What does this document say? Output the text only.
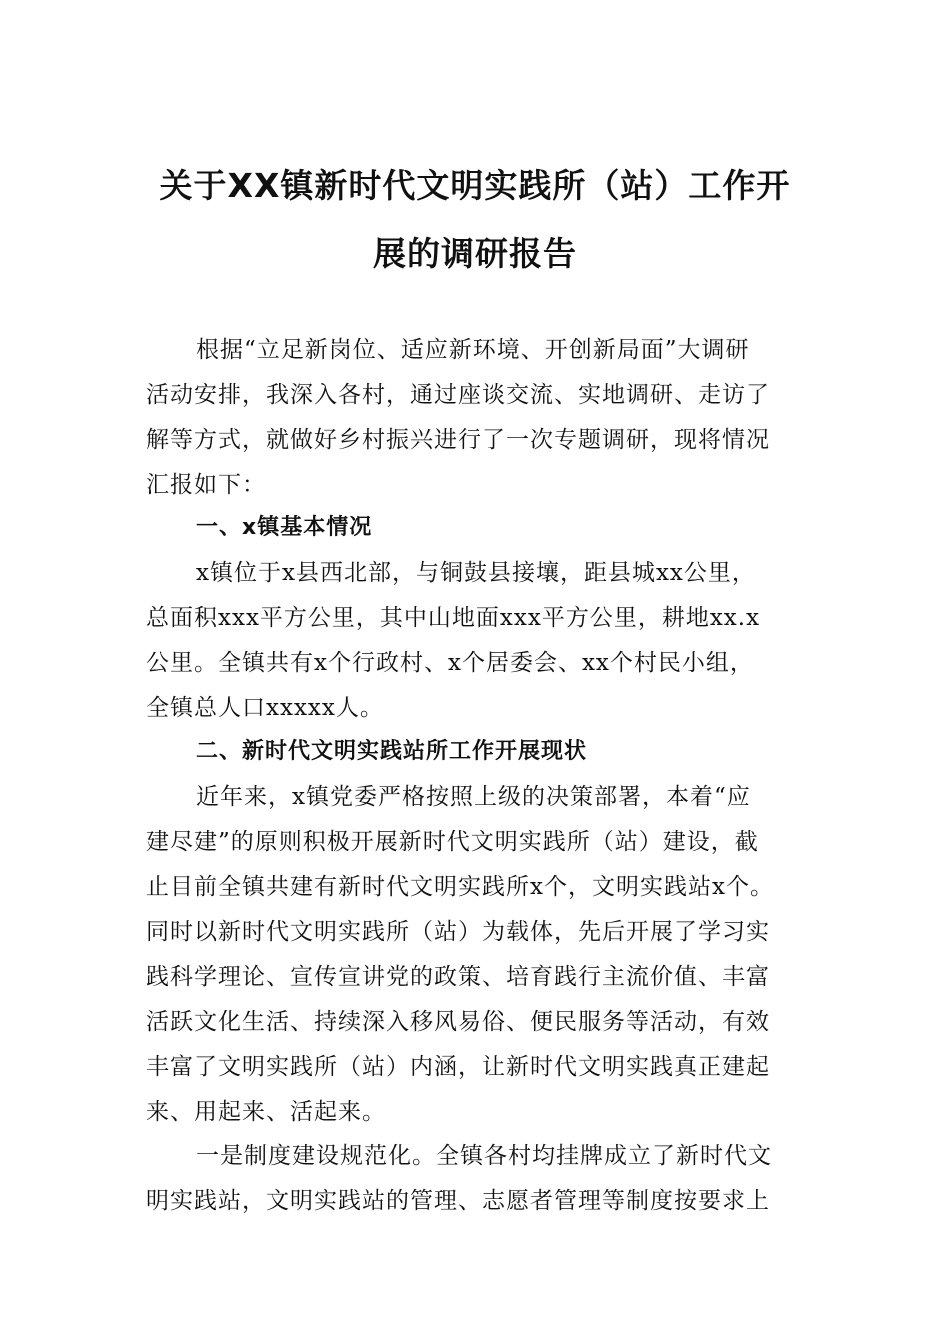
关于XX镇新时代文明实践所（站）工作开
展的调研报告
根据“立足新岗位、适应新环境、开创新局面”大调研
活动安排，我深入各村，通过座谈交流、实地调研、走访了
解等方式，就做好乡村振兴进行了一次专题调研，现将情况
汇报如下：
一、x镇基本情况
x镇位于x县西北部，与铜鼓县接壤，距县城xx公里，
总面积xxx平方公里，其中山地面xxx平方公里，耕地xx.x
公里。全镇共有x个行政村、x个居委会、xx个村民小组，
全镇总人口xxxxx人。
二、新时代文明实践站所工作开展现状
近年来，x镇党委严格按照上级的决策部署，本着“应
建尽建”的原则积极开展新时代文明实践所（站）建设，截
止目前全镇共建有新时代文明实践所x个，文明实践站x个。
同时以新时代文明实践所（站）为载体，先后开展了学习实
践科学理论、宣传宣讲党的政策、培育践行主流价值、丰富
活跃文化生活、持续深入移风易俗、便民服务等活动，有效
丰富了文明实践所（站）内涵，让新时代文明实践真正建起
来、用起来、活起来。
一是制度建设规范化。全镇各村均挂牌成立了新时代文
明实践站，文明实践站的管理、志愿者管理等制度按要求上
